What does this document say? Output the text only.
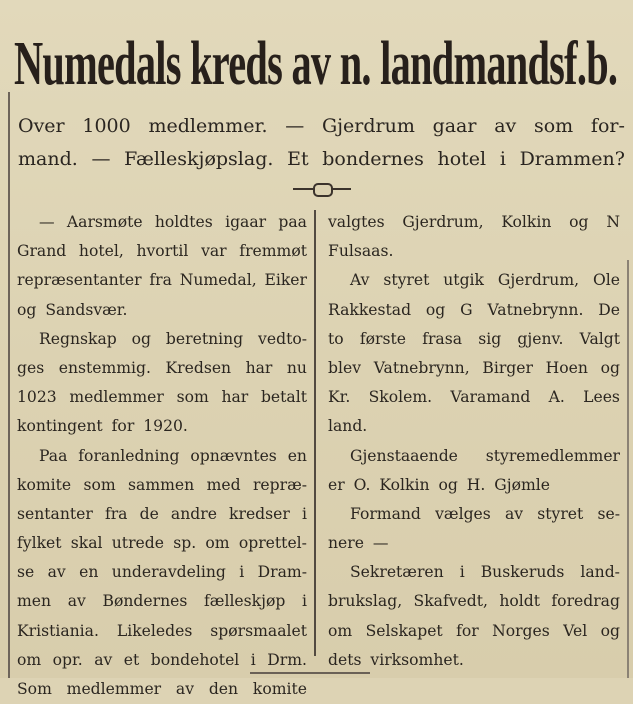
Numedals kreds av n. landmandsf.b.
Over 1000 medlemmer. — Gjerdrum gaar av som for-
mand. — Fælleskjøpslag. Et bondernes hotel i Drammen?
— Aarsmøte holdtes igaar paa
Grand hotel, hvortil var fremmøt
repræsentanter fra Numedal, Eiker
og Sandsvær.
Regnskap og beretning vedto-
ges enstemmig. Kredsen har nu
1023 medlemmer som har betalt
kontingent for 1920.
Paa foranledning opnævntes en
komite som sammen med repræ-
sentanter fra de andre kredser i
fylket skal utrede sp. om oprettel-
se av en underavdeling i Dram-
men av Bøndernes fælleskjøp i
Kristiania. Likeledes spørsmaalet
om opr. av et bondehotel i Drm.
Som medlemmer av den komite
valgtes Gjerdrum, Kolkin og N
Fulsaas.
Av styret utgik Gjerdrum, Ole
Rakkestad og G Vatnebrynn. De
to første frasa sig gjenv. Valgt
blev Vatnebrynn, Birger Hoen og
Kr. Skolem. Varamand A. Lees
land.
Gjenstaaende styremedlemmer
er O. Kolkin og H. Gjømle
Formand vælges av styret se-
nere —
Sekretæren i Buskeruds land-
brukslag, Skafvedt, holdt foredrag
om Selskapet for Norges Vel og
dets virksomhet.
